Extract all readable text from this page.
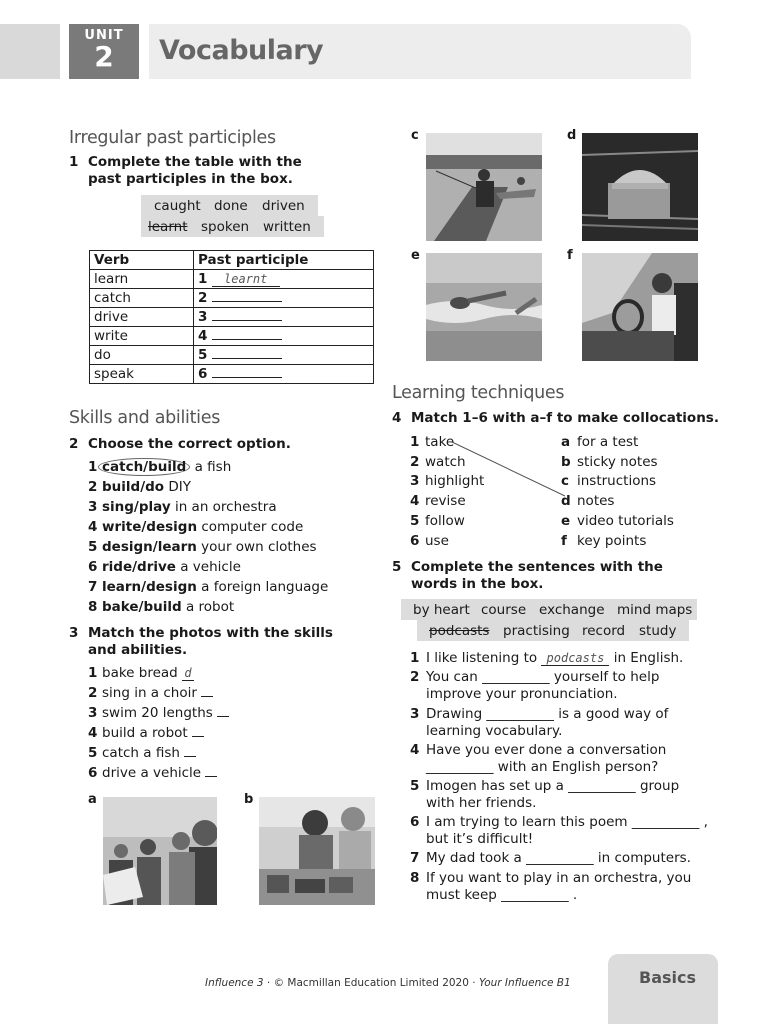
UNIT
2	Vocabulary
Irregular past participles
1 Complete the table with the past participles in the box.
caught done driven
learnt spoken written
Verb	Past participle
learn	1 learnt
catch	2
drive	3
write	4
do	5
speak	6
Skills and abilities
2 Choose the correct option.
1 catch/build a fish
2 build/do DIY
3 sing/play in an orchestra
4 write/design computer code
5 design/learn your own clothes
6 ride/drive a vehicle
7 learn/design a foreign language
8 bake/build a robot
3 Match the photos with the skills and abilities.
1 bake bread d
2 sing in a choir
3 swim 20 lengths
4 build a robot
5 catch a fish
6 drive a vehicle
a	b
c	d
e	f
Learning techniques
4 Match 1–6 with a–f to make collocations.
1 take
2 watch
3 highlight
4 revise
5 follow
6 use
a for a test
b sticky notes
c instructions
d notes
e video tutorials
f key points
5 Complete the sentences with the words in the box.
by heart course exchange mind maps
podcasts practising record study
1 I like listening to podcasts in English.
2 You can __________ yourself to help
improve your pronunciation.
3 Drawing __________ is a good way of
learning vocabulary.
4 Have you ever done a conversation
__________ with an English person?
5 Imogen has set up a __________ group
with her friends.
6 I am trying to learn this poem __________ ,
but it’s difficult!
7 My dad took a __________ in computers.
8 If you want to play in an orchestra, you
must keep __________ .
Influence 3 · © Macmillan Education Limited 2020 · Your Influence B1	Basics
